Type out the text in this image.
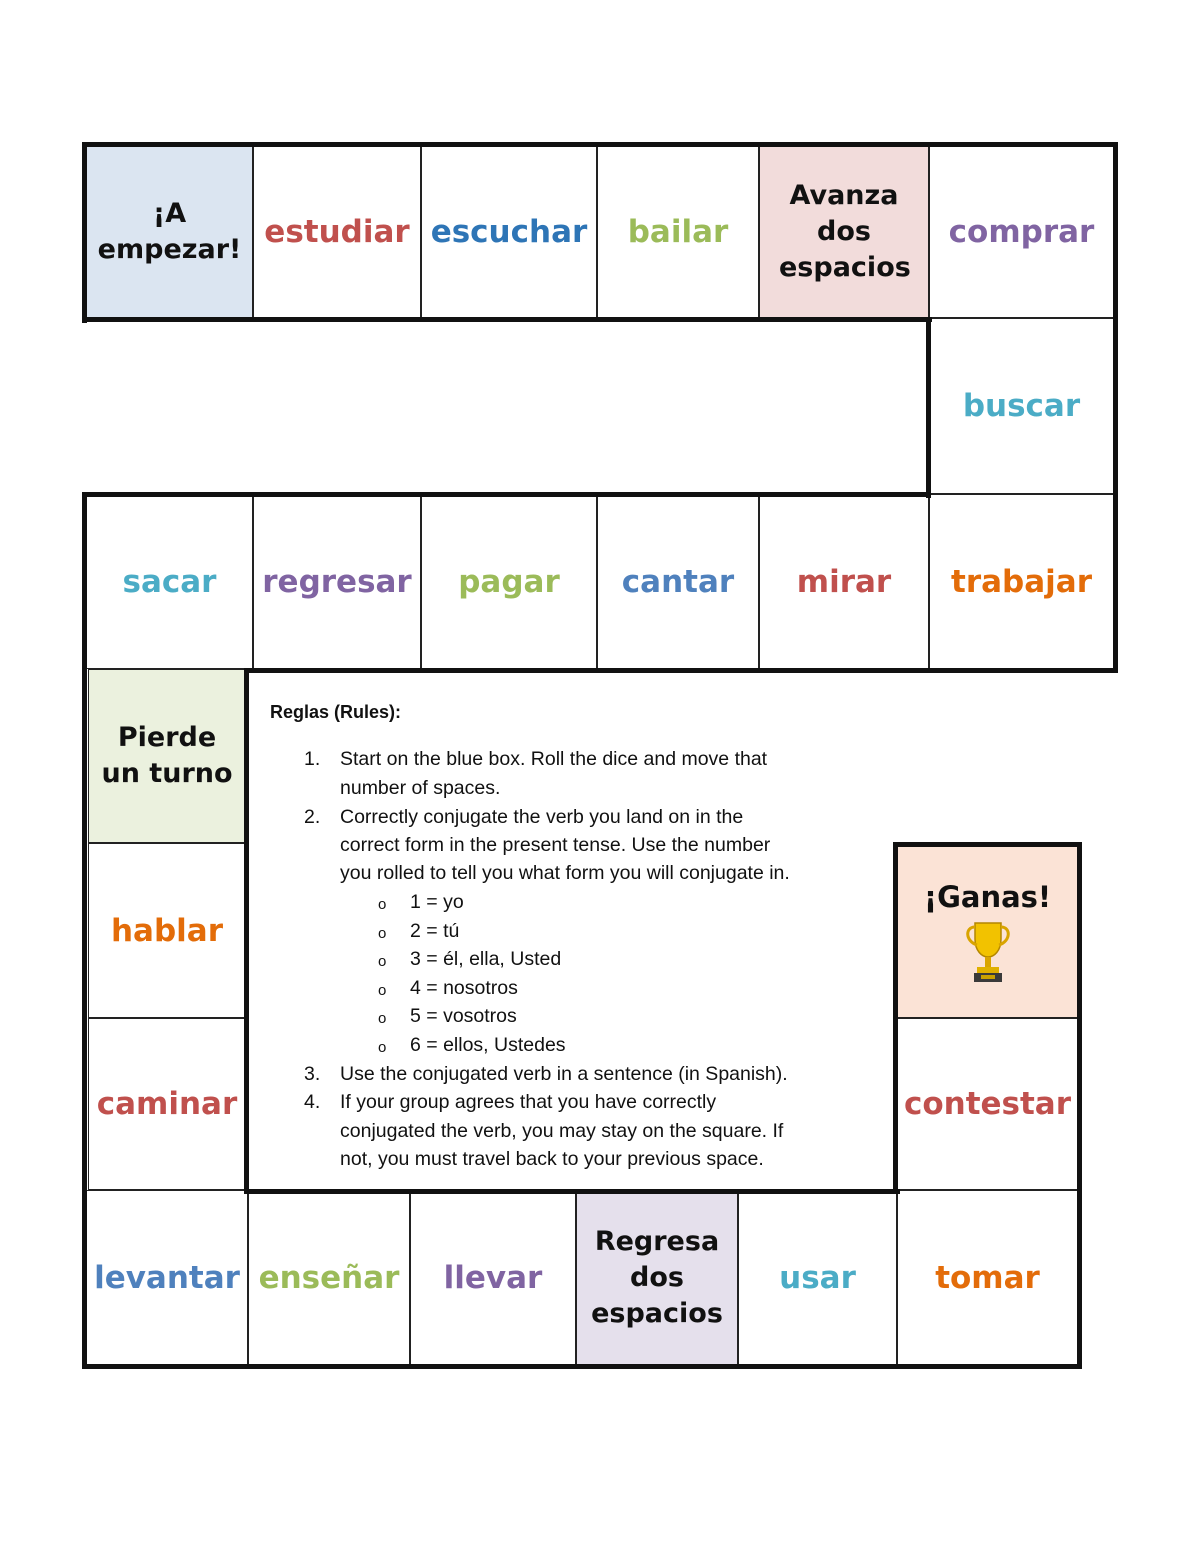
¡A empezar! estudiar escuchar bailar
Avanza dos espacios
comprar
buscar
sacar regresar pagar cantar mirar trabajar
Pierde un turno
hablar
caminar
¡Ganas!
contestar
levantar enseñar llevar
Regresa dos espacios
usar	tomar
Reglas (Rules):
1. Start on the blue box. Roll the dice and move that
number of spaces.
2. Correctly conjugate the verb you land on in the
correct form in the present tense. Use the number
you rolled to tell you what form you will conjugate in.
o 1 = yo
o 2 = tú
o 3 = él, ella, Usted
o 4 = nosotros
o 5 = vosotros
o 6 = ellos, Ustedes
3. Use the conjugated verb in a sentence (in Spanish).
4. If your group agrees that you have correctly
conjugated the verb, you may stay on the square. If
not, you must travel back to your previous space.
